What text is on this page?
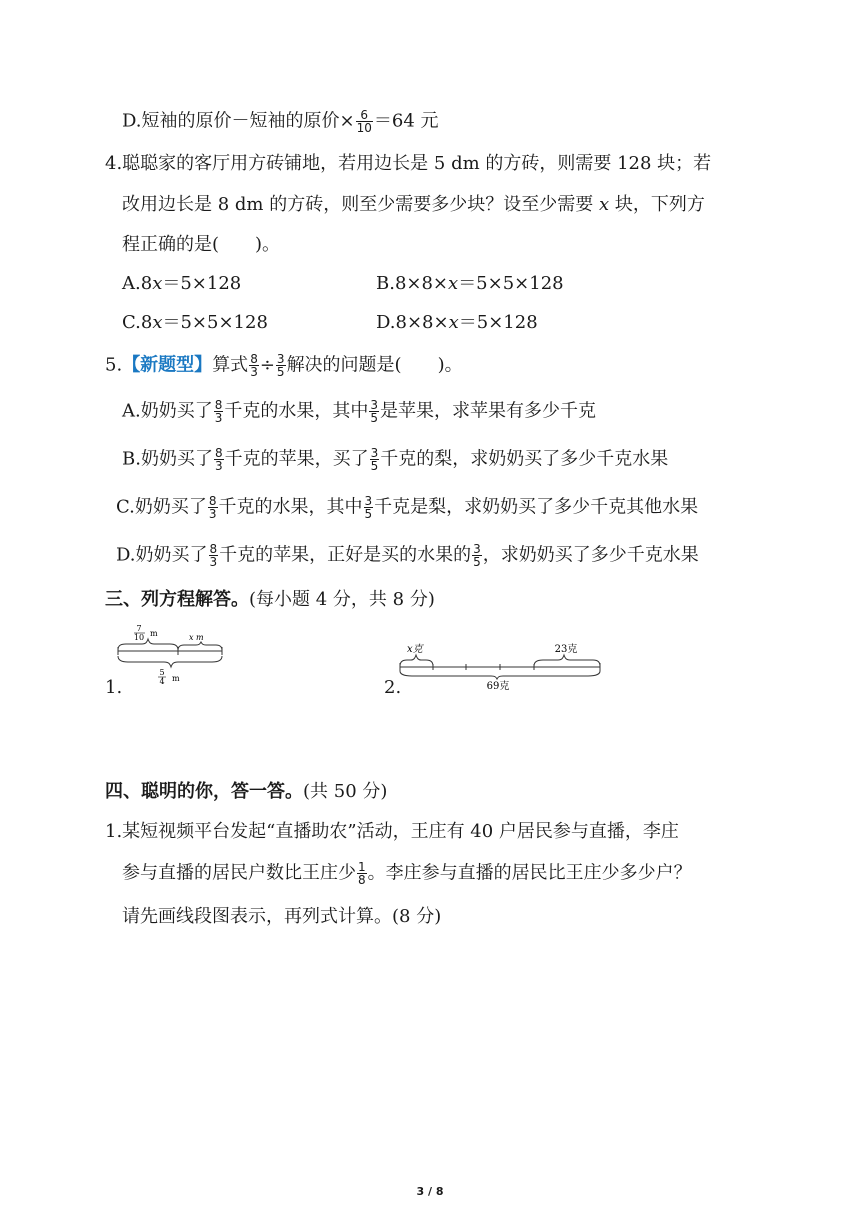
D.短袖的原价－短袖的原价× $\frac{6}{10} =64$ 元
4.聪聪家的客厅用方砖铺地，若用边长是 5 dm 的方砖，则需要 128 块；若
改用边长是 8 dm 的方砖，则至少需要多少块？设至少需要 x 块，下列方
程正确的是(　　)。
A.8x＝5×128	B.8×8×x＝5×5×128
C.8x＝5×5×128	D.8×8×x＝5×128
5.【新题型】算式 $\frac{8}{3} \div \frac{3}{5}$ 解决的问题是(　　)。
A.奶奶买了 $\frac{8}{3}$ 千克的水果，其中 $\frac{3}{5}$ 是苹果，求苹果有多少千克
B.奶奶买了 $\frac{8}{3}$ 千克的苹果，买了 $\frac{3}{5}$ 千克的梨，求奶奶买了多少千克水果
C.奶奶买了 $\frac{8}{3}$ 千克的水果，其中 $\frac{3}{5}$ 千克是梨，求奶奶买了多少千克其他水果
D.奶奶买了 $\frac{8}{3}$ 千克的苹果，正好是买的水果的 $\frac{3}{5}$ ，求奶奶买了多少千克水果
三、列方程解答。(每小题 4 分，共 8 分)
1.
7
10 m	x m
5
4 m	2.
x克	23克
69克
四、聪明的你，答一答。(共 50 分)
1.某短视频平台发起“直播助农”活动，王庄有 40 户居民参与直播，李庄
参与直播的居民户数比王庄少 $\frac{1}{8}$ 。李庄参与直播的居民比王庄少多少户？
请先画线段图表示，再列式计算。(8 分)
3 / 8
